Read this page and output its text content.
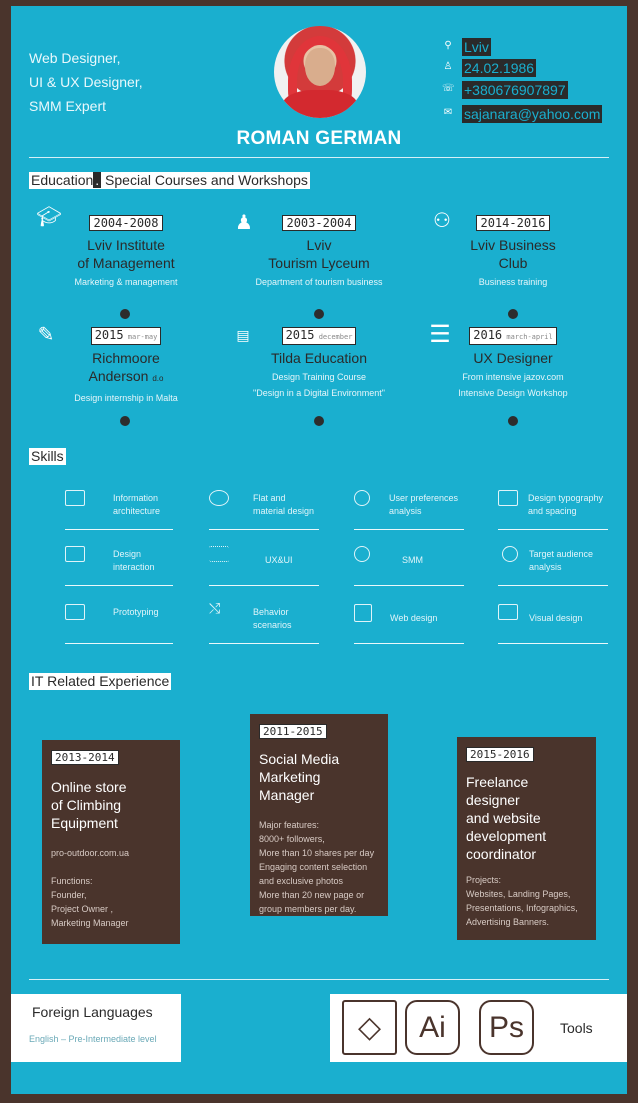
Web Designer,
UI & UX Designer,
SMM Expert
ROMAN GERMAN
⚲ Lviv
♙ 24.02.1986
☏ +380676907897
✉ sajanara@yahoo.com
Education . Special Courses and Workshops
🎓︎	2004-2008
Lviv Institute
of Management
Marketing & management
♟	2003-2004
Lviv
Tourism Lyceum
Department of tourism business
⚇	2014-2016
Lviv Business
Club
Business training
✎	2015 mar-may
Richmoore
Anderson d.o
Design internship in Malta
▤	2015 december
Tilda Education
Design Training Course
"Design in a Digital Environment"
☰	2016 march-april
UX Designer
From intensive jazov.com
Intensive Design Workshop
Skills
Information
architecture
Flat and
material design
User preferences
analysis
Design typography
and spacing
Design
interaction
UX&UI	SMM
Target audience
analysis
Prototyping	⤭	Behavior
scenarios
Web design	Visual design
IT Related Experience
2013-2014
Online store
of Climbing
Equipment
pro-outdoor.com.ua

Functions:
Founder,
Project Owner ,
Marketing Manager
2011-2015
Social Media
Marketing
Manager
Major features:
8000+ followers,
More than 10 shares per day
Engaging content selection
and exclusive photos
More than 20 new page or
group members per day.
2015-2016
Freelance
designer
and website
development
coordinator
Projects:
Websites, Landing Pages,
Presentations, Infographics,
Advertising Banners.
Foreign Languages
English – Pre-Intermediate level	◇	Ai	Ps	Tools
